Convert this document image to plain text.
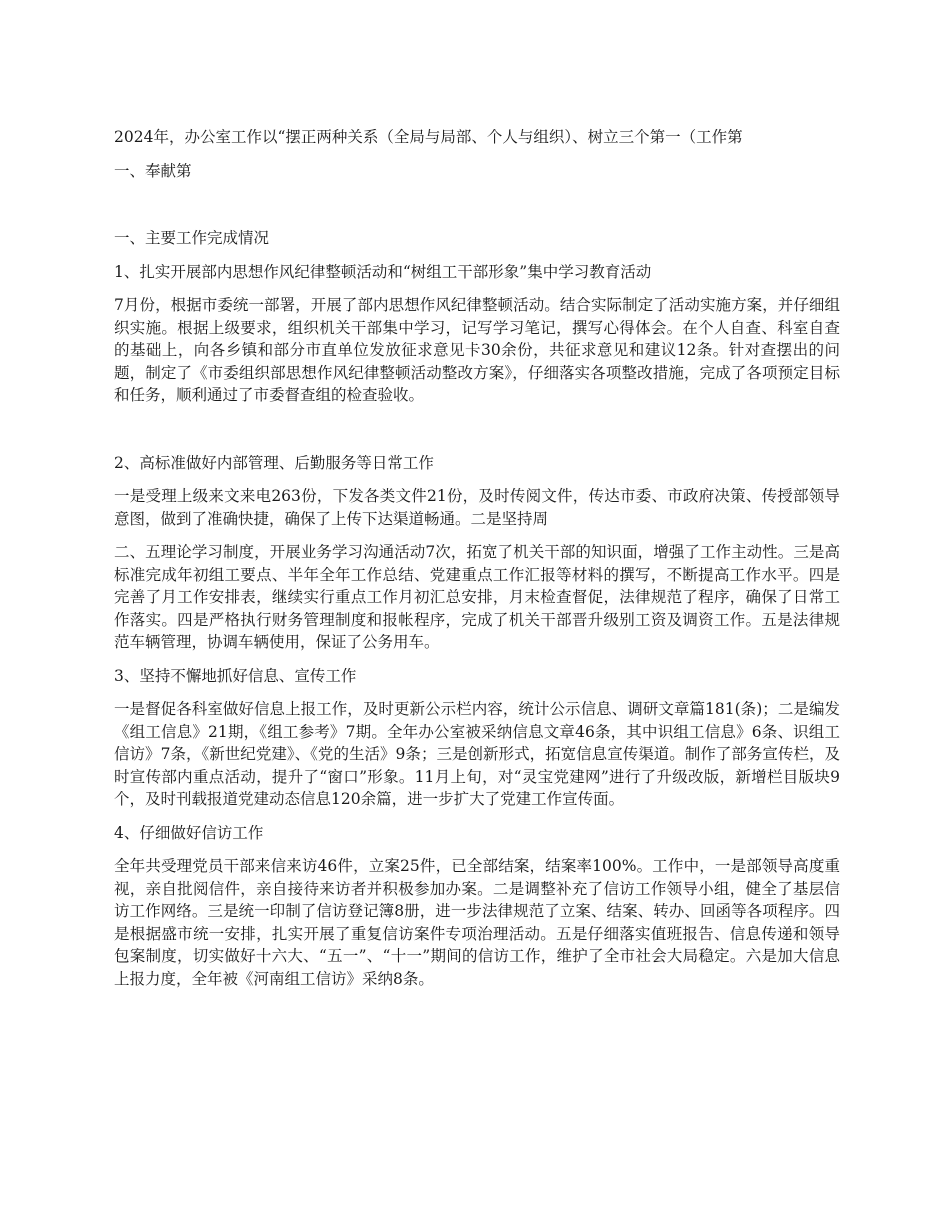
2024年，办公室工作以“摆正两种关系（全局与局部、个人与组织）、树立三个第一（工作第

一、奉献第

一、主要工作完成情况

1、扎实开展部内思想作风纪律整顿活动和“树组工干部形象”集中学习教育活动

7月份，根据市委统一部署，开展了部内思想作风纪律整顿活动。结合实际制定了活动实施方案，并仔细组织实施。根据上级要求，组织机关干部集中学习，记写学习笔记，撰写心得体会。在个人自查、科室自查的基础上，向各乡镇和部分市直单位发放征求意见卡30余份，共征求意见和建议12条。针对查摆出的问题，制定了《市委组织部思想作风纪律整顿活动整改方案》，仔细落实各项整改措施，完成了各项预定目标和任务，顺利通过了市委督查组的检查验收。

2、高标准做好内部管理、后勤服务等日常工作

一是受理上级来文来电263份，下发各类文件21份，及时传阅文件，传达市委、市政府决策、传授部领导意图，做到了准确快捷，确保了上传下达渠道畅通。二是坚持周

二、五理论学习制度，开展业务学习沟通活动7次，拓宽了机关干部的知识面，增强了工作主动性。三是高标准完成年初组工要点、半年全年工作总结、党建重点工作汇报等材料的撰写，不断提高工作水平。四是完善了月工作安排表，继续实行重点工作月初汇总安排，月末检查督促，法律规范了程序，确保了日常工作落实。四是严格执行财务管理制度和报帐程序，完成了机关干部晋升级别工资及调资工作。五是法律规范车辆管理，协调车辆使用，保证了公务用车。

3、坚持不懈地抓好信息、宣传工作

一是督促各科室做好信息上报工作，及时更新公示栏内容，统计公示信息、调研文章篇181(条)；二是编发《组工信息》21期，《组工参考》7期。全年办公室被采纳信息文章46条，其中识组工信息》6条、识组工信访》7条，《新世纪党建》、《党的生活》9条；三是创新形式，拓宽信息宣传渠道。制作了部务宣传栏，及时宣传部内重点活动，提升了“窗口”形象。11月上旬，对“灵宝党建网”进行了升级改版，新增栏目版块9个，及时刊载报道党建动态信息120余篇，进一步扩大了党建工作宣传面。

4、仔细做好信访工作

全年共受理党员干部来信来访46件，立案25件，已全部结案，结案率100%。工作中，一是部领导高度重视，亲自批阅信件，亲自接待来访者并积极参加办案。二是调整补充了信访工作领导小组，健全了基层信访工作网络。三是统一印制了信访登记簿8册，进一步法律规范了立案、结案、转办、回函等各项程序。四是根据盛市统一安排，扎实开展了重复信访案件专项治理活动。五是仔细落实值班报告、信息传递和领导包案制度，切实做好十六大、“五一”、“十一”期间的信访工作，维护了全市社会大局稳定。六是加大信息上报力度，全年被《河南组工信访》采纳8条。
